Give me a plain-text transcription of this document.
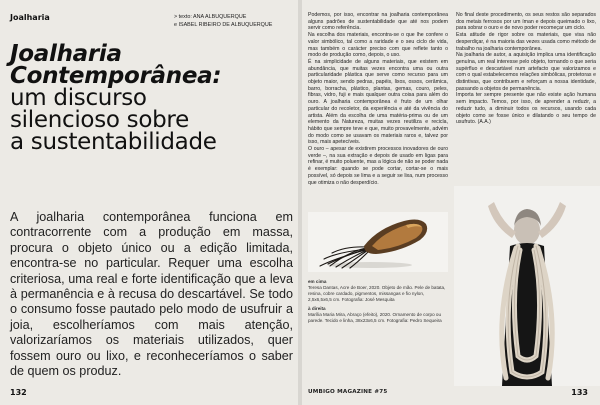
Joalharia	> texto: ANA ALBUQUERQUE
e ISABEL RIBEIRO DE ALBUQUERQUE
Joalharia
Contemporânea:
um discurso
silencioso sobre
a sustentabilidade
A joalharia contemporânea funciona em contracorrente com a produção em massa, procura o objeto único ou a edição limitada, encontra-se no particular. Requer uma escolha criteriosa, uma real e forte identificação que a leva à permanência e à recusa do descartável. Se todo o consumo fosse pautado pelo modo de usufruir a joia, escolheríamos com mais atenção, valorizaríamos os materiais utilizados, quer fossem ouro ou lixo, e reconheceríamos o saber de quem os produz.
132

Podemos, por isso, encontrar na joalharia contemporânea alguns padrões de sustentabilidade que até nos podem servir como referência.

Na escolha dos materiais, encontra-se o que lhe confere o valor simbólico, tal como a raridade e o seu ciclo de vida, mas também o carácter preciso com que reflete tanto o modo de produção como, depois, o uso.

É na simplicidade de alguns materiais, que existem em abundância, que muitas vezes encontra uma ou outra particularidade plástica que serve como recurso para um objeto maior, sendo pedras, papéis, lixos, ossos, cerâmica, barro, borracha, plástico, plantas, gemas, couro, peles, fibras, vidro, fuji e mais qualquer outra coisa para além do ouro. A joalharia contemporânea é fruto de um olhar particular do recoletor, da experiência e até da vivência do artista. Além da escolha de uma matéria-prima ou de um elemento da Natureza, muitas vezes reutiliza e recicla, hábito que sempre teve e que, muito provavelmente, advém do modo como se usavam os materiais raros e, talvez por isso, mais apetecíveis.

O ouro – apesar de existirem processos inovadores de ouro verde –, na sua extração e depois de usado em ligas para refinar, é muito poluente, mas a lógica de não se poder nada é exemplar: quando se pode cortar, cortar-se o mais possível, só depois se lima e a seguir se lixa, num processo que otimiza o não desperdício.

No final deste procedimento, os seus restos são separados dos metais ferrosos por um íman e depois queimado o lixo, para sobrar o ouro e de novo poder recomeçar um ciclo.

Esta atitude de rigor sobre os materiais, que visa não desperdiçar, é na maioria das vezes usada como método de trabalho na joalharia contemporânea.

Na joalharia de autor, a aquisição implica uma identificação genuína, um real interesse pelo objeto, tornando o que seria supérfluo e descartável num artefacto que valorizamos e com o qual estabelecemos relações simbólicas, protetoras e distintivas, que contribuem e reforçam a nossa identidade, passando a objetos de permanência.

Importa ter sempre presente que não existe ação humana sem impacto. Temos, por isso, de aprender a reduzir, a reduzir tudo, a diminuir todos os recursos, usando cada objeto como se fosse único e dilatando o seu tempo de usufruto. (A.A.)

em cima
Teresa Dantas, Acre de Boer, 2020. Objeto de mão. Pele de batata, resina, cobre cardado, pigmentos, missangas e fio nylon, 2,5x6,5x6,5 cm. Fotografia: José Mesquita
à direita
Marília Maria Mira, Abraço (efeito), 2020. Ornamento de corpo ou parede. Tecido e linha, 38x23x6,5 cm. Fotografia: Pedro Sequeira
UMBIGO MAGAZINE #75	133
